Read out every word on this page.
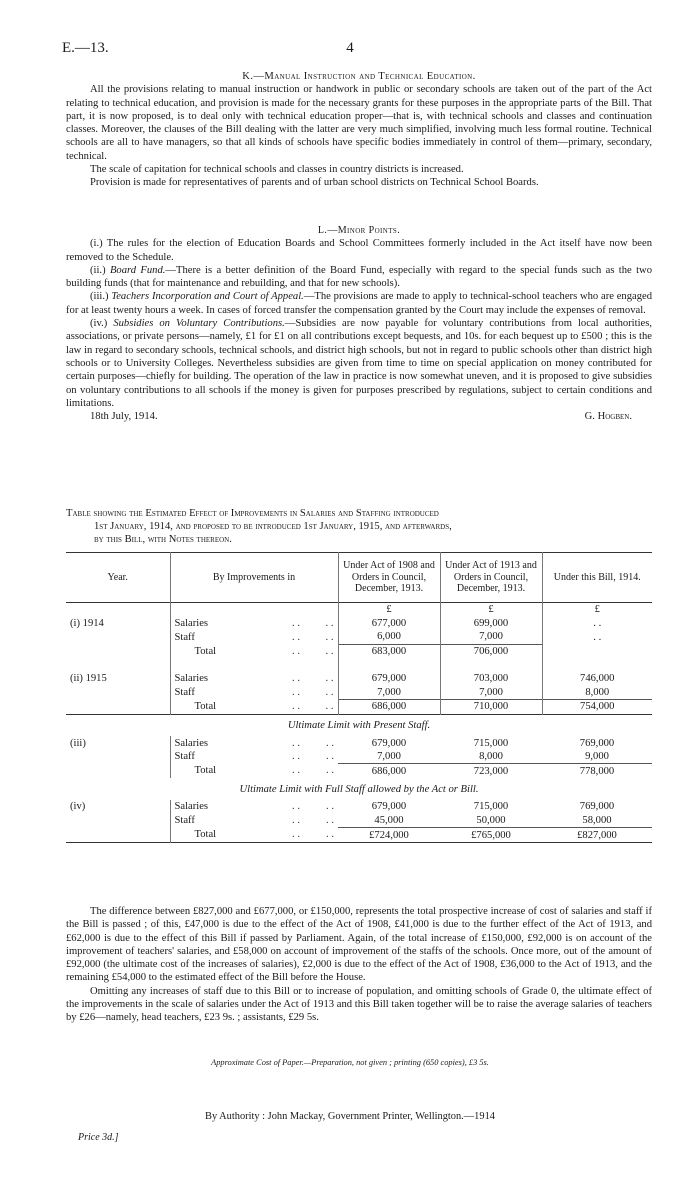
E.—13.	4
K.—Manual Instruction and Technical Education.

All the provisions relating to manual instruction or handwork in public or secondary schools are taken out of the part of the Act relating to technical education, and provision is made for the necessary grants for these purposes in the appropriate parts of the Bill. That part, it is now proposed, is to deal only with technical education proper—that is, with technical schools and classes and continuation classes. Moreover, the clauses of the Bill dealing with the latter are very much simplified, involving much less formal routine. Technical schools are all to have managers, so that all kinds of schools have specific bodies immediately in control of them—primary, secondary, technical.

The scale of capitation for technical schools and classes in country districts is increased.

Provision is made for representatives of parents and of urban school districts on Technical School Boards.

L.—Minor Points.

(i.) The rules for the election of Education Boards and School Committees formerly included in the Act itself have now been removed to the Schedule.

(ii.) Board Fund.—There is a better definition of the Board Fund, especially with regard to the special funds such as the two building funds (that for maintenance and rebuilding, and that for new schools).

(iii.) Teachers Incorporation and Court of Appeal.—The provisions are made to apply to technical-school teachers who are engaged for at least twenty hours a week. In cases of forced transfer the compensation granted by the Court may include the expenses of removal.

(iv.) Subsidies on Voluntary Contributions.—Subsidies are now payable for voluntary contributions from local authorities, associations, or private persons—namely, £1 for £1 on all contributions except bequests, and 10s. for each bequest up to £500 ; this is the law in regard to secondary schools, technical schools, and district high schools, but not in regard to public schools other than district high schools or to University Colleges. Nevertheless subsidies are given from time to time on special application on money contributed for certain purposes—chiefly for building. The operation of the law in practice is now somewhat uneven, and it is proposed to give subsidies on voluntary contributions to all schools if the money is given for purposes prescribed by regulations, subject to certain conditions and limitations.

18th July, 1914.	G. Hogben.
Table showing the Estimated Effect of Improvements in Salaries and Staffing introduced
1st January, 1914, and proposed to be introduced 1st January, 1915, and afterwards,
by this Bill, with Notes thereon.
Year.	By Improvements in			Under Act of 1908 and Orders in Council, December, 1913.	Under Act of 1913 and Orders in Council, December, 1913.	Under this Bill, 1914.
				£	£	£
(i) 1914	Salaries	. .	. .	677,000	699,000	. .
	Staff	. .	. .	6,000	7,000	. .
	Total	. .	. .	683,000	706,000	

(ii) 1915	Salaries	. .	. .	679,000	703,000	746,000
	Staff	. .	. .	7,000	7,000	8,000
	Total	. .	. .	686,000	710,000	754,000
Ultimate Limit with Present Staff.						
(iii)	Salaries	. .	. .	679,000	715,000	769,000
	Staff	. .	. .	7,000	8,000	9,000
	Total	. .	. .	686,000	723,000	778,000
Ultimate Limit with Full Staff allowed by the Act or Bill.						
(iv)	Salaries	. .	. .	679,000	715,000	769,000
	Staff	. .	. .	45,000	50,000	58,000
	Total	. .	. .	£724,000	£765,000	£827,000

The difference between £827,000 and £677,000, or £150,000, represents the total prospective increase of cost of salaries and staff if the Bill is passed ; of this, £47,000 is due to the effect of the Act of 1908, £41,000 is due to the further effect of the Act of 1913, and £62,000 is due to the effect of this Bill if passed by Parliament. Again, of the total increase of £150,000, £92,000 is on account of the improvement of teachers' salaries, and £58,000 on account of improvement of the staffs of the schools. Once more, out of the amount of £92,000 (the ultimate cost of the increases of salaries), £2,000 is due to the effect of the Act of 1908, £36,000 to the Act of 1913, and the remaining £54,000 to the estimated effect of the Bill before the House.

Omitting any increases of staff due to this Bill or to increase of population, and omitting schools of Grade 0, the ultimate effect of the improvements in the scale of salaries under the Act of 1913 and this Bill taken together will be to raise the average salaries of teachers by £26—namely, head teachers, £23 9s. ; assistants, £29 5s.

Approximate Cost of Paper.—Preparation, not given ; printing (650 copies), £3 5s.
By Authority : John Mackay, Government Printer, Wellington.—1914
Price 3d.]
